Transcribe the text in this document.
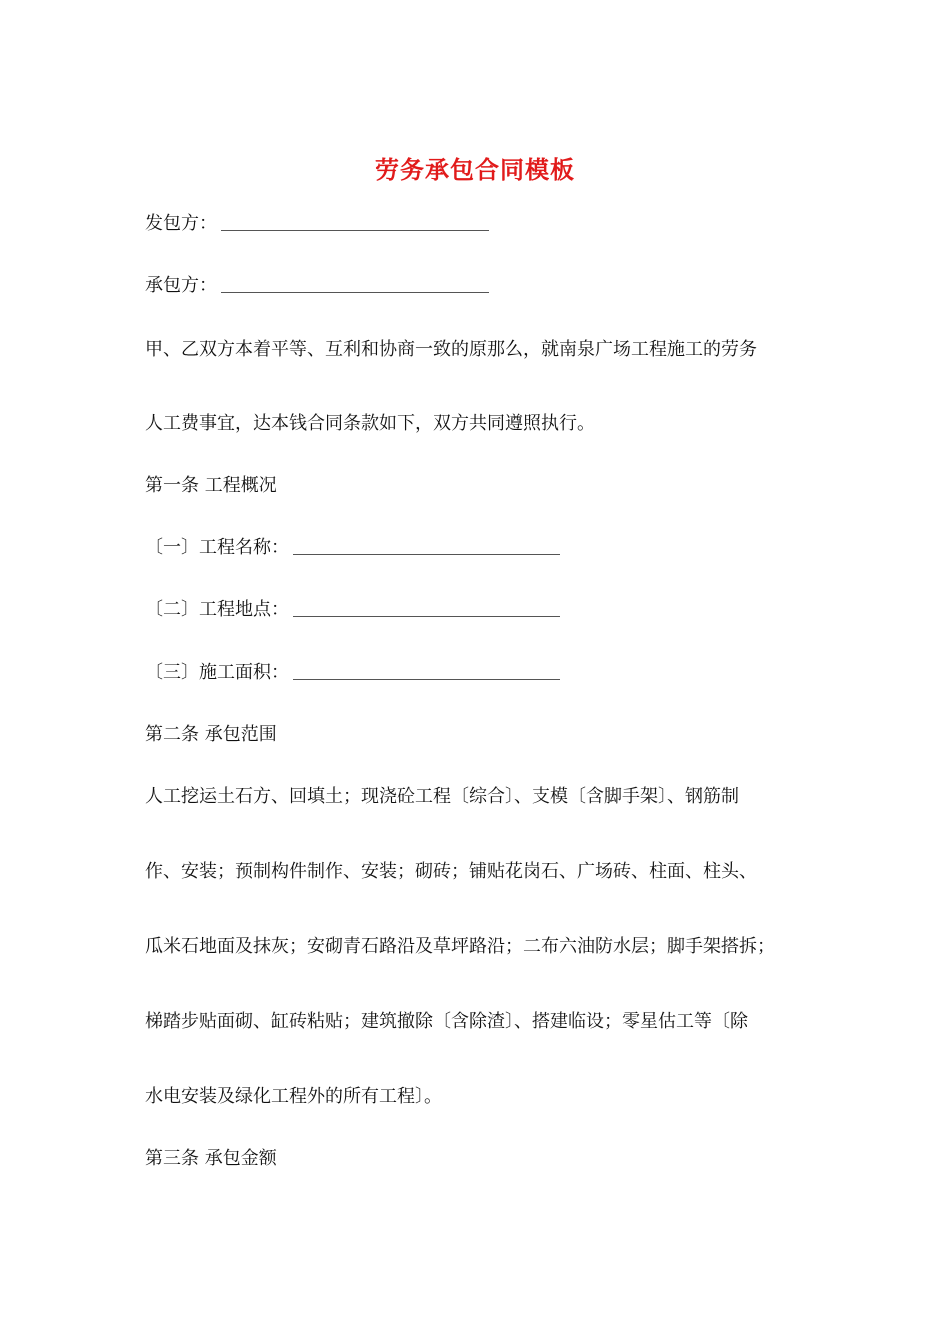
劳务承包合同模板
发包方：
承包方：
甲、乙双方本着平等、互利和协商一致的原那么，就南泉广场工程施工的劳务
人工费事宜，达本钱合同条款如下，双方共同遵照执行。
第一条 工程概况
〔一〕工程名称：
〔二〕工程地点：
〔三〕施工面积：
第二条 承包范围
人工挖运土石方、回填土；现浇砼工程〔综合〕、支模〔含脚手架〕、钢筋制
作、安装；预制构件制作、安装；砌砖；铺贴花岗石、广场砖、柱面、柱头、
瓜米石地面及抹灰；安砌青石路沿及草坪路沿；二布六油防水层；脚手架搭拆；
梯踏步贴面砌、缸砖粘贴；建筑撤除〔含除渣〕、搭建临设；零星估工等〔除
水电安装及绿化工程外的所有工程〕。
第三条 承包金额
